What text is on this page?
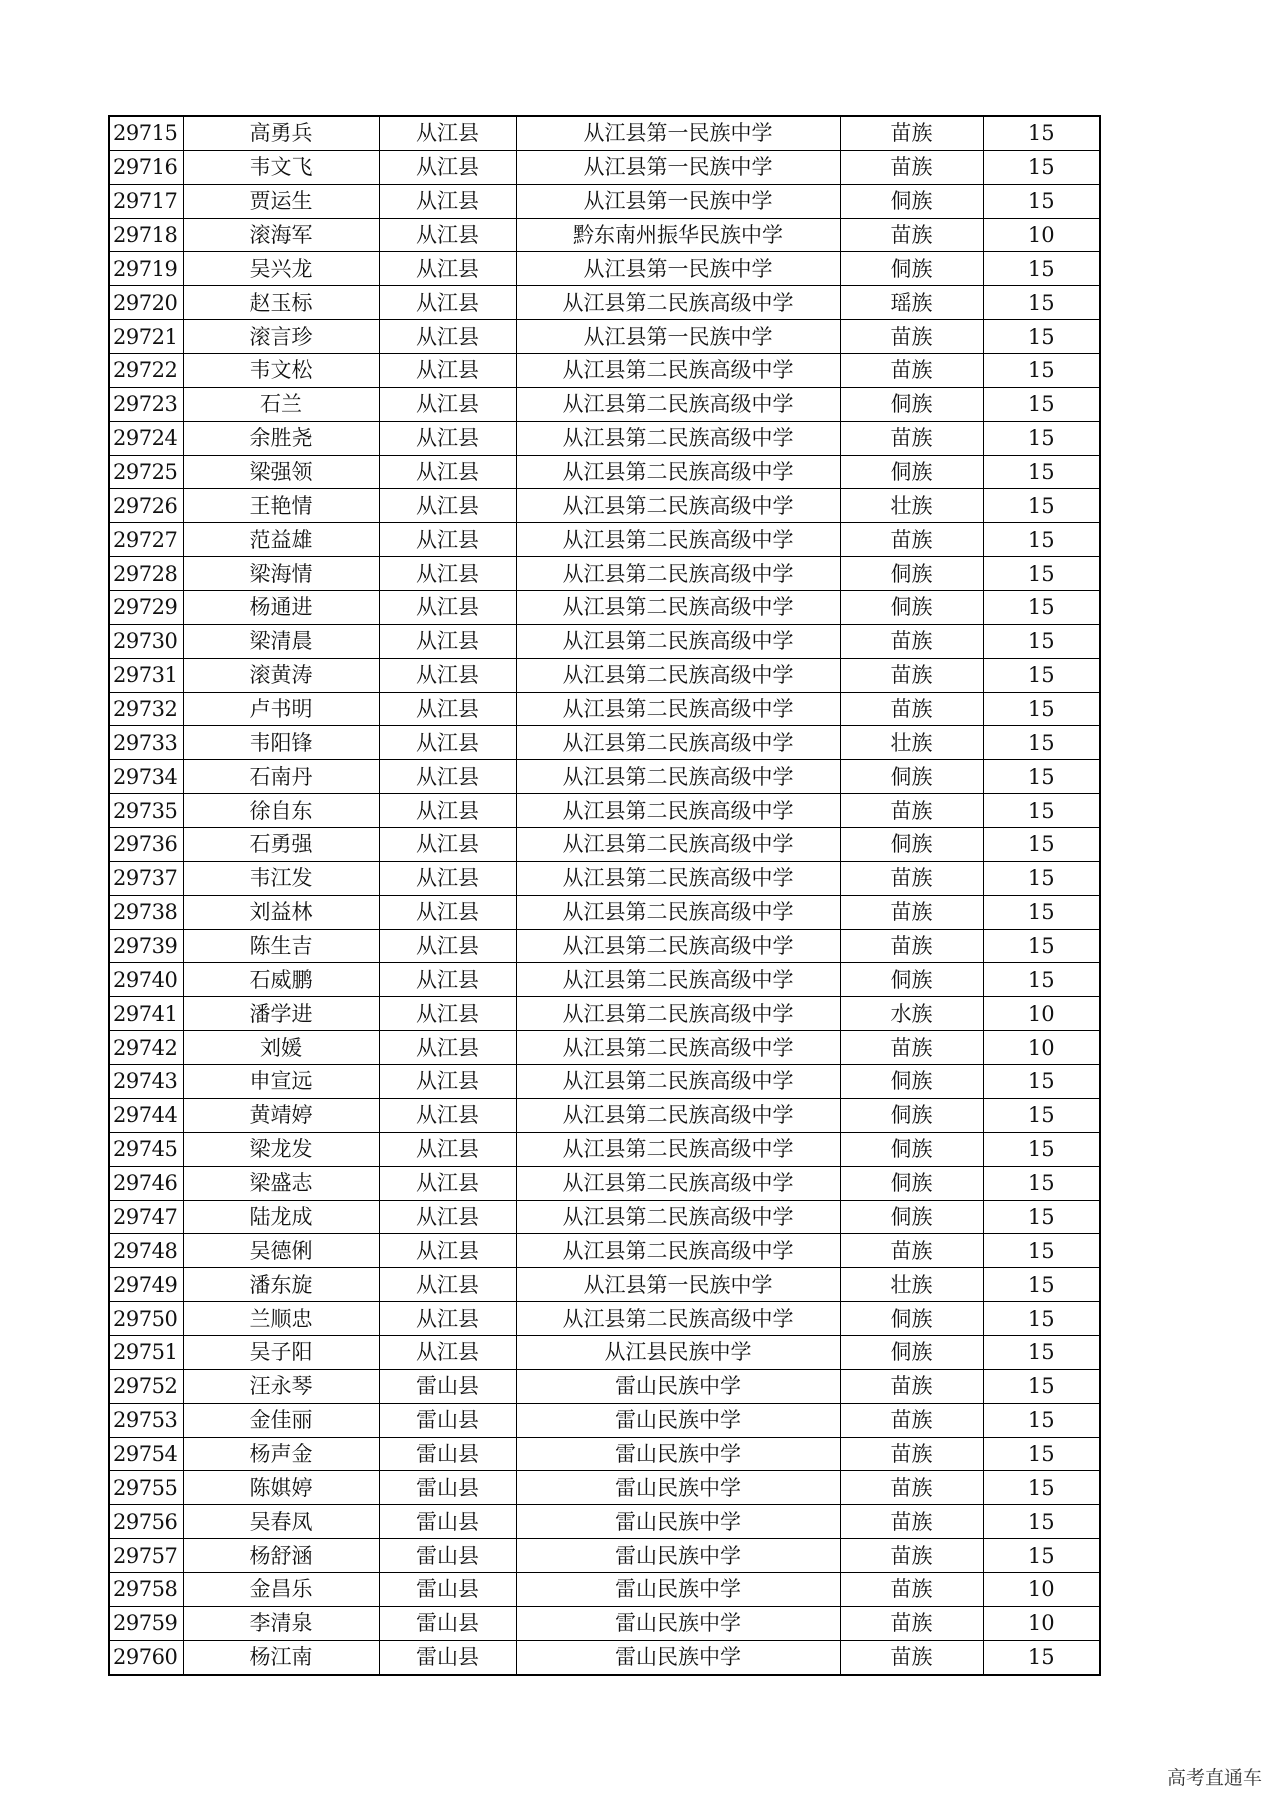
29715	高勇兵	从江县	从江县第一民族中学	苗族	15
29716	韦文飞	从江县	从江县第一民族中学	苗族	15
29717	贾运生	从江县	从江县第一民族中学	侗族	15
29718	滚海军	从江县	黔东南州振华民族中学	苗族	10
29719	吴兴龙	从江县	从江县第一民族中学	侗族	15
29720	赵玉标	从江县	从江县第二民族高级中学	瑶族	15
29721	滚言珍	从江县	从江县第一民族中学	苗族	15
29722	韦文松	从江县	从江县第二民族高级中学	苗族	15
29723	石兰	从江县	从江县第二民族高级中学	侗族	15
29724	余胜尧	从江县	从江县第二民族高级中学	苗族	15
29725	梁强领	从江县	从江县第二民族高级中学	侗族	15
29726	王艳情	从江县	从江县第二民族高级中学	壮族	15
29727	范益雄	从江县	从江县第二民族高级中学	苗族	15
29728	梁海情	从江县	从江县第二民族高级中学	侗族	15
29729	杨通进	从江县	从江县第二民族高级中学	侗族	15
29730	梁清晨	从江县	从江县第二民族高级中学	苗族	15
29731	滚黄涛	从江县	从江县第二民族高级中学	苗族	15
29732	卢书明	从江县	从江县第二民族高级中学	苗族	15
29733	韦阳锋	从江县	从江县第二民族高级中学	壮族	15
29734	石南丹	从江县	从江县第二民族高级中学	侗族	15
29735	徐自东	从江县	从江县第二民族高级中学	苗族	15
29736	石勇强	从江县	从江县第二民族高级中学	侗族	15
29737	韦江发	从江县	从江县第二民族高级中学	苗族	15
29738	刘益林	从江县	从江县第二民族高级中学	苗族	15
29739	陈生吉	从江县	从江县第二民族高级中学	苗族	15
29740	石威鹏	从江县	从江县第二民族高级中学	侗族	15
29741	潘学进	从江县	从江县第二民族高级中学	水族	10
29742	刘媛	从江县	从江县第二民族高级中学	苗族	10
29743	申宣远	从江县	从江县第二民族高级中学	侗族	15
29744	黄靖婷	从江县	从江县第二民族高级中学	侗族	15
29745	梁龙发	从江县	从江县第二民族高级中学	侗族	15
29746	梁盛志	从江县	从江县第二民族高级中学	侗族	15
29747	陆龙成	从江县	从江县第二民族高级中学	侗族	15
29748	吴德俐	从江县	从江县第二民族高级中学	苗族	15
29749	潘东旋	从江县	从江县第一民族中学	壮族	15
29750	兰顺忠	从江县	从江县第二民族高级中学	侗族	15
29751	吴子阳	从江县	从江县民族中学	侗族	15
29752	汪永琴	雷山县	雷山民族中学	苗族	15
29753	金佳丽	雷山县	雷山民族中学	苗族	15
29754	杨声金	雷山县	雷山民族中学	苗族	15
29755	陈娸婷	雷山县	雷山民族中学	苗族	15
29756	吴春凤	雷山县	雷山民族中学	苗族	15
29757	杨舒涵	雷山县	雷山民族中学	苗族	15
29758	金昌乐	雷山县	雷山民族中学	苗族	10
29759	李清泉	雷山县	雷山民族中学	苗族	10
29760	杨江南	雷山县	雷山民族中学	苗族	15
高考直通车
